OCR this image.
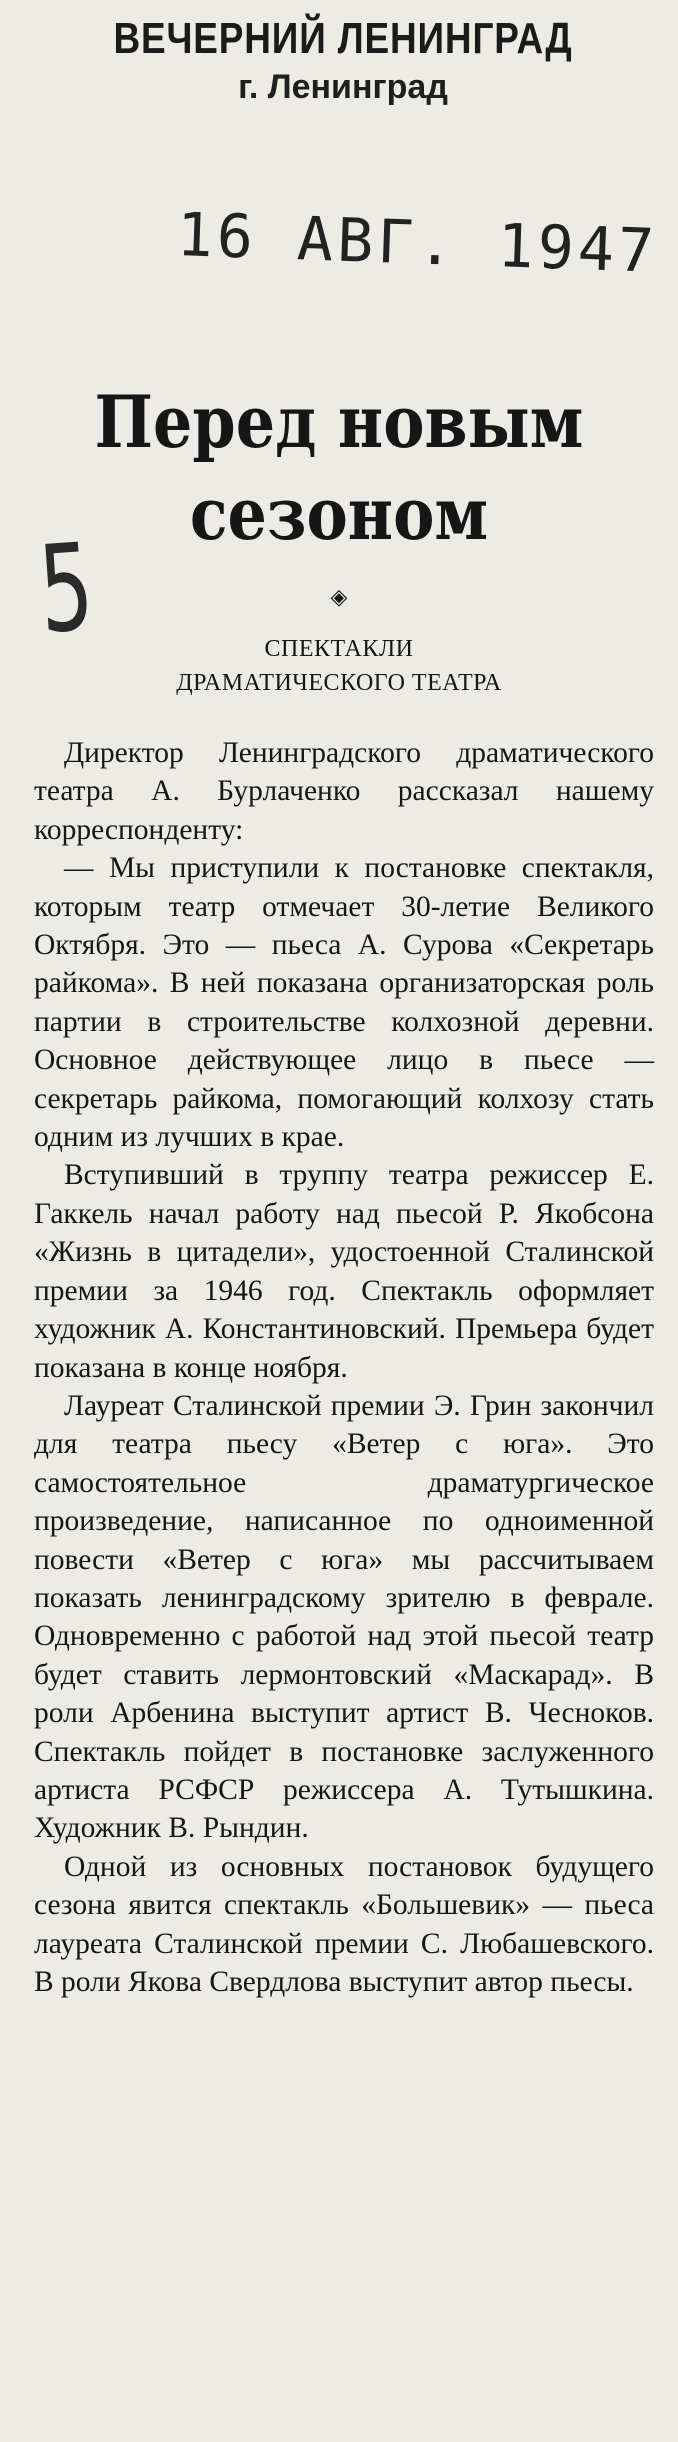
ВЕЧЕРНИЙ ЛЕНИНГРАД
г. Ленинград
16 АВГ. 1947
5
Перед новым сезоном
◈
СПЕКТАКЛИ
ДРАМАТИЧЕСКОГО ТЕАТРА

Директор Ленинградского драматического театра А. Бурлаченко рассказал нашему корреспонденту:

— Мы приступили к постановке спектакля, которым театр отмечает 30-летие Великого Октября. Это — пьеса А. Сурова «Секретарь райкома». В ней показана организаторская роль партии в строительстве колхозной деревни. Основное действующее лицо в пьесе — секретарь райкома, помогающий колхозу стать одним из лучших в крае.

Вступивший в труппу театра режиссер Е. Гаккель начал работу над пьесой Р. Якобсона «Жизнь в цитадели», удостоенной Сталинской премии за 1946 год. Спектакль оформляет художник А. Константиновский. Премьера будет показана в конце ноября.

Лауреат Сталинской премии Э. Грин закончил для театра пьесу «Ветер с юга». Это самостоятельное драматургическое произведение, написанное по одноименной повести «Ветер с юга» мы рассчитываем показать ленинградскому зрителю в феврале. Одновременно с работой над этой пьесой театр будет ставить лермонтовский «Маскарад». В роли Арбенина выступит артист В. Чесноков. Спектакль пойдет в постановке заслуженного артиста РСФСР режиссера А. Тутышкина. Художник В. Рындин.

Одной из основных постановок будущего сезона явится спектакль «Большевик» — пьеса лауреата Сталинской премии С. Любашевского. В роли Якова Свердлова выступит автор пьесы.
